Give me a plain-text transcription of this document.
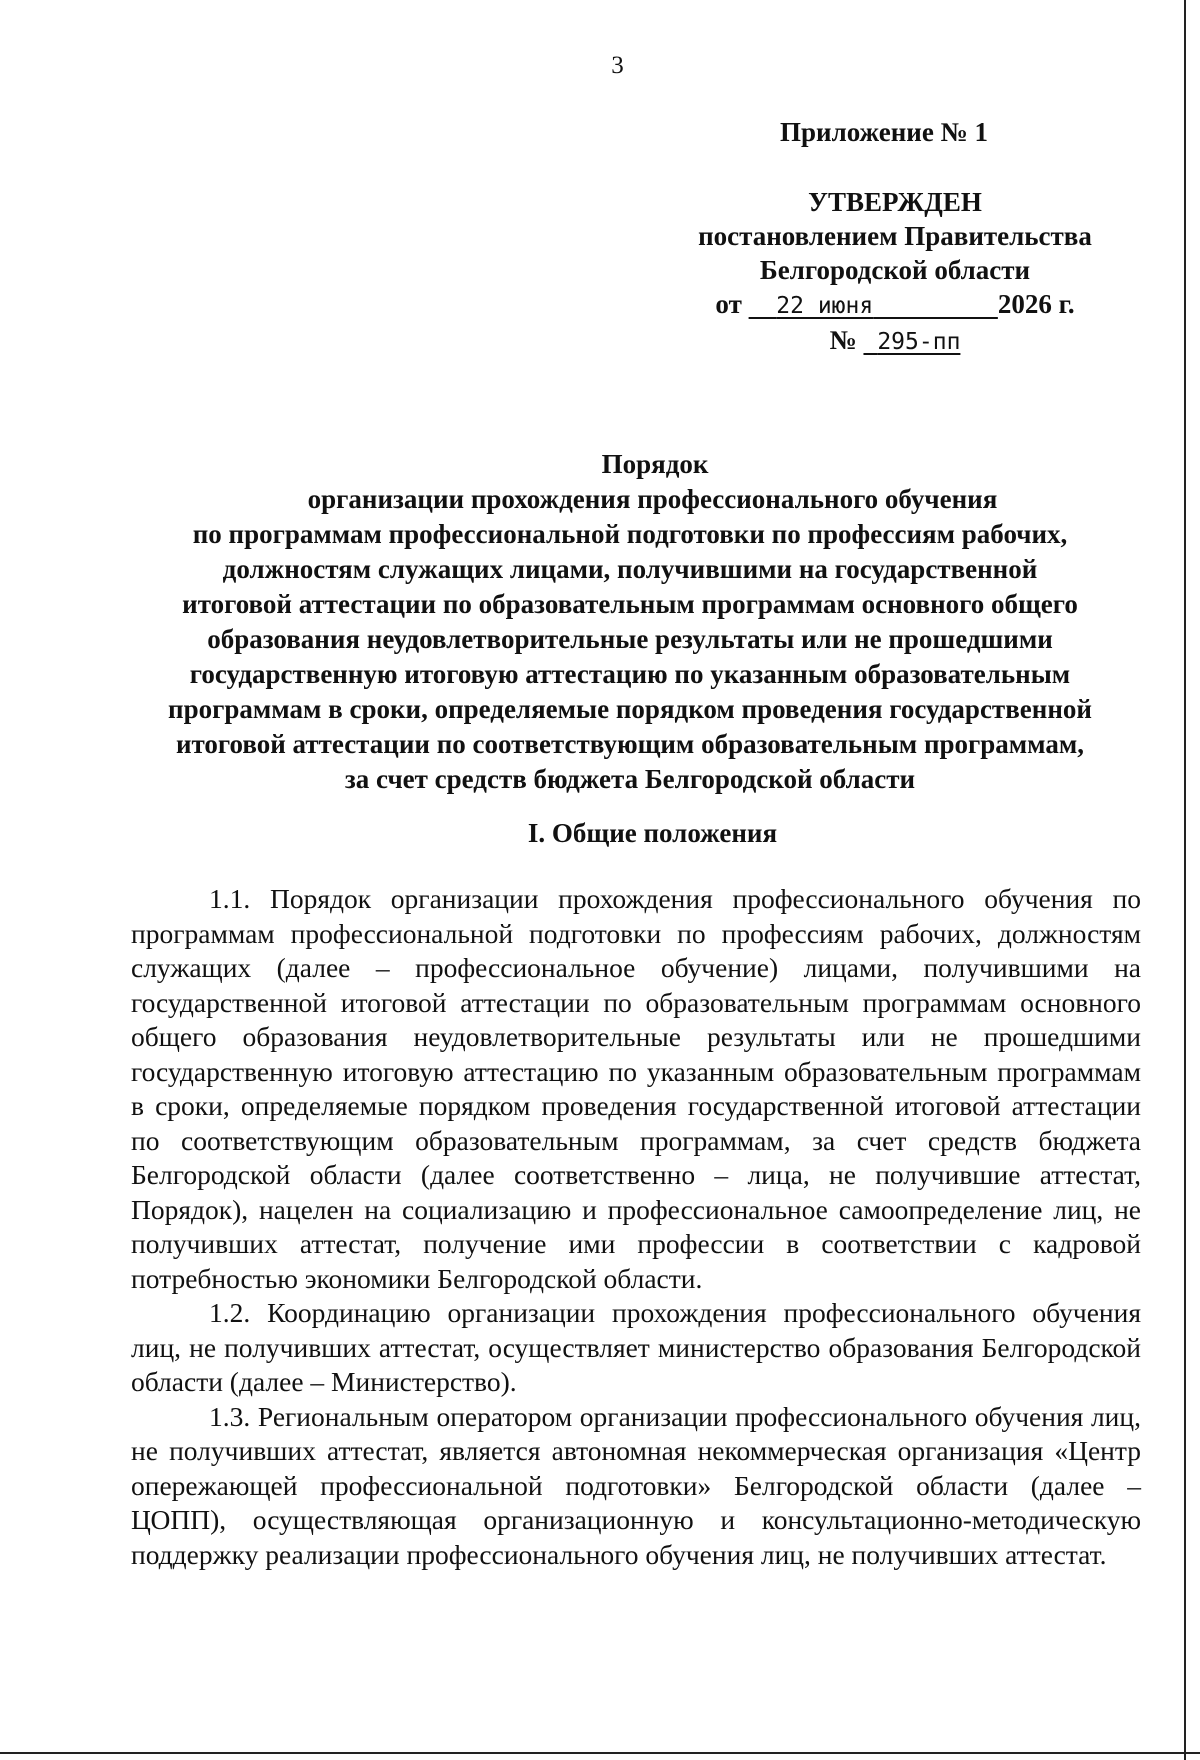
3
Приложение № 1
УТВЕРЖДЕН
постановлением Правительства
Белгородской области
от 22 июня	2026 г.
№ 295-пп
Порядок
организации прохождения профессионального обучения
по программам профессиональной подготовки по профессиям рабочих,
должностям служащих лицами, получившими на государственной
итоговой аттестации по образовательным программам основного общего
образования неудовлетворительные результаты или не прошедшими
государственную итоговую аттестацию по указанным образовательным
программам в сроки, определяемые порядком проведения государственной
итоговой аттестации по соответствующим образовательным программам,
за счет средств бюджета Белгородской области
I. Общие положения

1.1. Порядок организации прохождения профессионального обучения по программам профессиональной подготовки по профессиям рабочих, должностям служащих (далее – профессиональное обучение) лицами, получившими на государственной итоговой аттестации по образовательным программам основного общего образования неудовлетворительные результаты или не прошедшими государственную итоговую аттестацию по указанным образовательным программам в сроки, определяемые порядком проведения государственной итоговой аттестации по соответствующим образовательным программам, за счет средств бюджета Белгородской области (далее соответственно – лица, не получившие аттестат, Порядок), нацелен на социализацию и профессиональное самоопределение лиц, не получивших аттестат, получение ими профессии в соответствии с кадровой потребностью экономики Белгородской области.

1.2. Координацию организации прохождения профессионального обучения лиц, не получивших аттестат, осуществляет министерство образования Белгородской области (далее – Министерство).

1.3. Региональным оператором организации профессионального обучения лиц, не получивших аттестат, является автономная некоммерческая организация «Центр опережающей профессиональной подготовки» Белгородской области (далее – ЦОПП), осуществляющая организационную и консультационно-методическую поддержку реализации профессионального обучения лиц, не получивших аттестат.
